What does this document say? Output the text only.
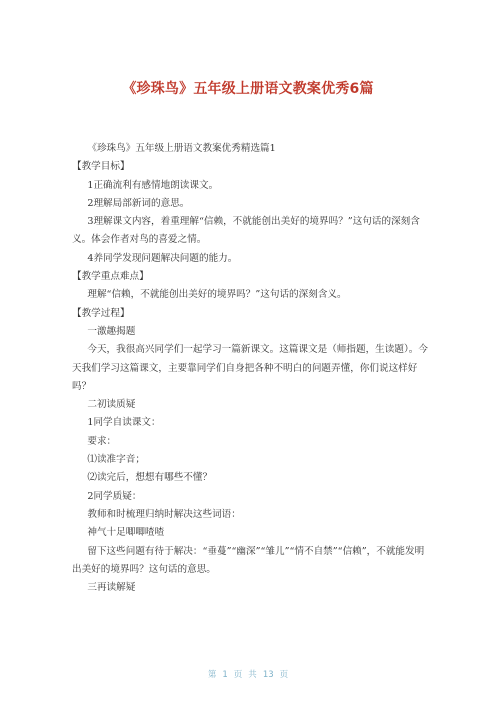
《珍珠鸟》五年级上册语文教案优秀6篇

《珍珠鸟》五年级上册语文教案优秀精选篇1

【教学目标】

1正确流利有感情地朗读课文。

2理解局部新词的意思。

3理解课文内容，着重理解“信赖，不就能创出美好的境界吗？”这句话的深刻含义。体会作者对鸟的喜爱之情。

4养同学发现问题解决问题的能力。

【教学重点难点】

理解“信赖，不就能创出美好的境界吗？”这句话的深刻含义。

【教学过程】

一激趣揭题

今天，我很高兴同学们一起学习一篇新课文。这篇课文是（师指题，生读题）。今天我们学习这篇课文，主要靠同学们自身把各种不明白的问题弄懂，你们说这样好吗？

二初读质疑

1同学自读课文：

要求：

⑴读准字音；

⑵读完后，想想有哪些不懂？

2同学质疑：

教师和时梳理归纳时解决这些词语：

神气十足唧唧喳喳

留下这些问题有待于解决：“垂蔓”“幽深”“雏儿”“情不自禁”“信赖”，不就能发明出美好的境界吗？这句话的意思。

三再读解疑

第 1 页 共 13 页
